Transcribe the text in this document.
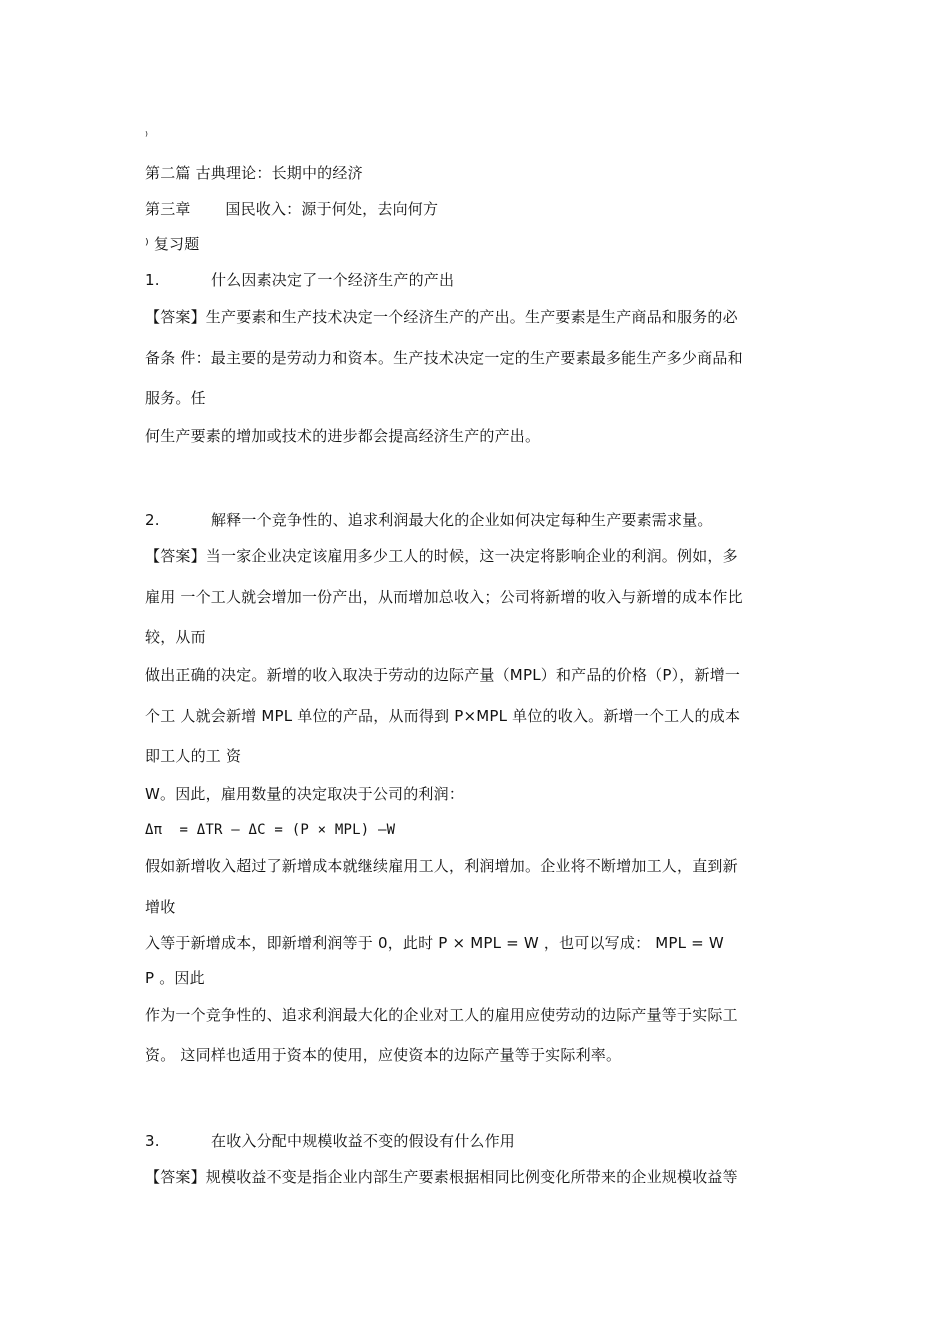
⁾
第二篇 古典理论：长期中的经济
第三章       国民收入：源于何处，去向何方
⁾ 复习题
1.	什么因素决定了一个经济生产的产出
【答案】生产要素和生产技术决定一个经济生产的产出。生产要素是生产商品和服务的必
备条 件：最主要的是劳动力和资本。生产技术决定一定的生产要素最多能生产多少商品和
服务。任
何生产要素的增加或技术的进步都会提高经济生产的产出。
2.	解释一个竞争性的、追求利润最大化的企业如何决定每种生产要素需求量。
【答案】当一家企业决定该雇用多少工人的时候，这一决定将影响企业的利润。例如，多
雇用 一个工人就会增加一份产出，从而增加总收入；公司将新增的收入与新增的成本作比
较，从而
做出正确的决定。新增的收入取决于劳动的边际产量（MPL）和产品的价格（P），新增一
个工 人就会新增 MPL 单位的产品，从而得到 P×MPL 单位的收入。新增一个工人的成本
即工人的工 资
W。因此，雇用数量的决定取决于公司的利润：
Δπ  = ΔTR — ΔC = (P × MPL) —W
假如新增收入超过了新增成本就继续雇用工人，利润增加。企业将不断增加工人，直到新
增收
入等于新增成本，即新增利润等于 0，此时 P × MPL = W ，也可以写成： MPL = W
P 。因此
作为一个竞争性的、追求利润最大化的企业对工人的雇用应使劳动的边际产量等于实际工
资。 这同样也适用于资本的使用，应使资本的边际产量等于实际利率。
3.	在收入分配中规模收益不变的假设有什么作用
【答案】规模收益不变是指企业内部生产要素根据相同比例变化所带来的企业规模收益等
